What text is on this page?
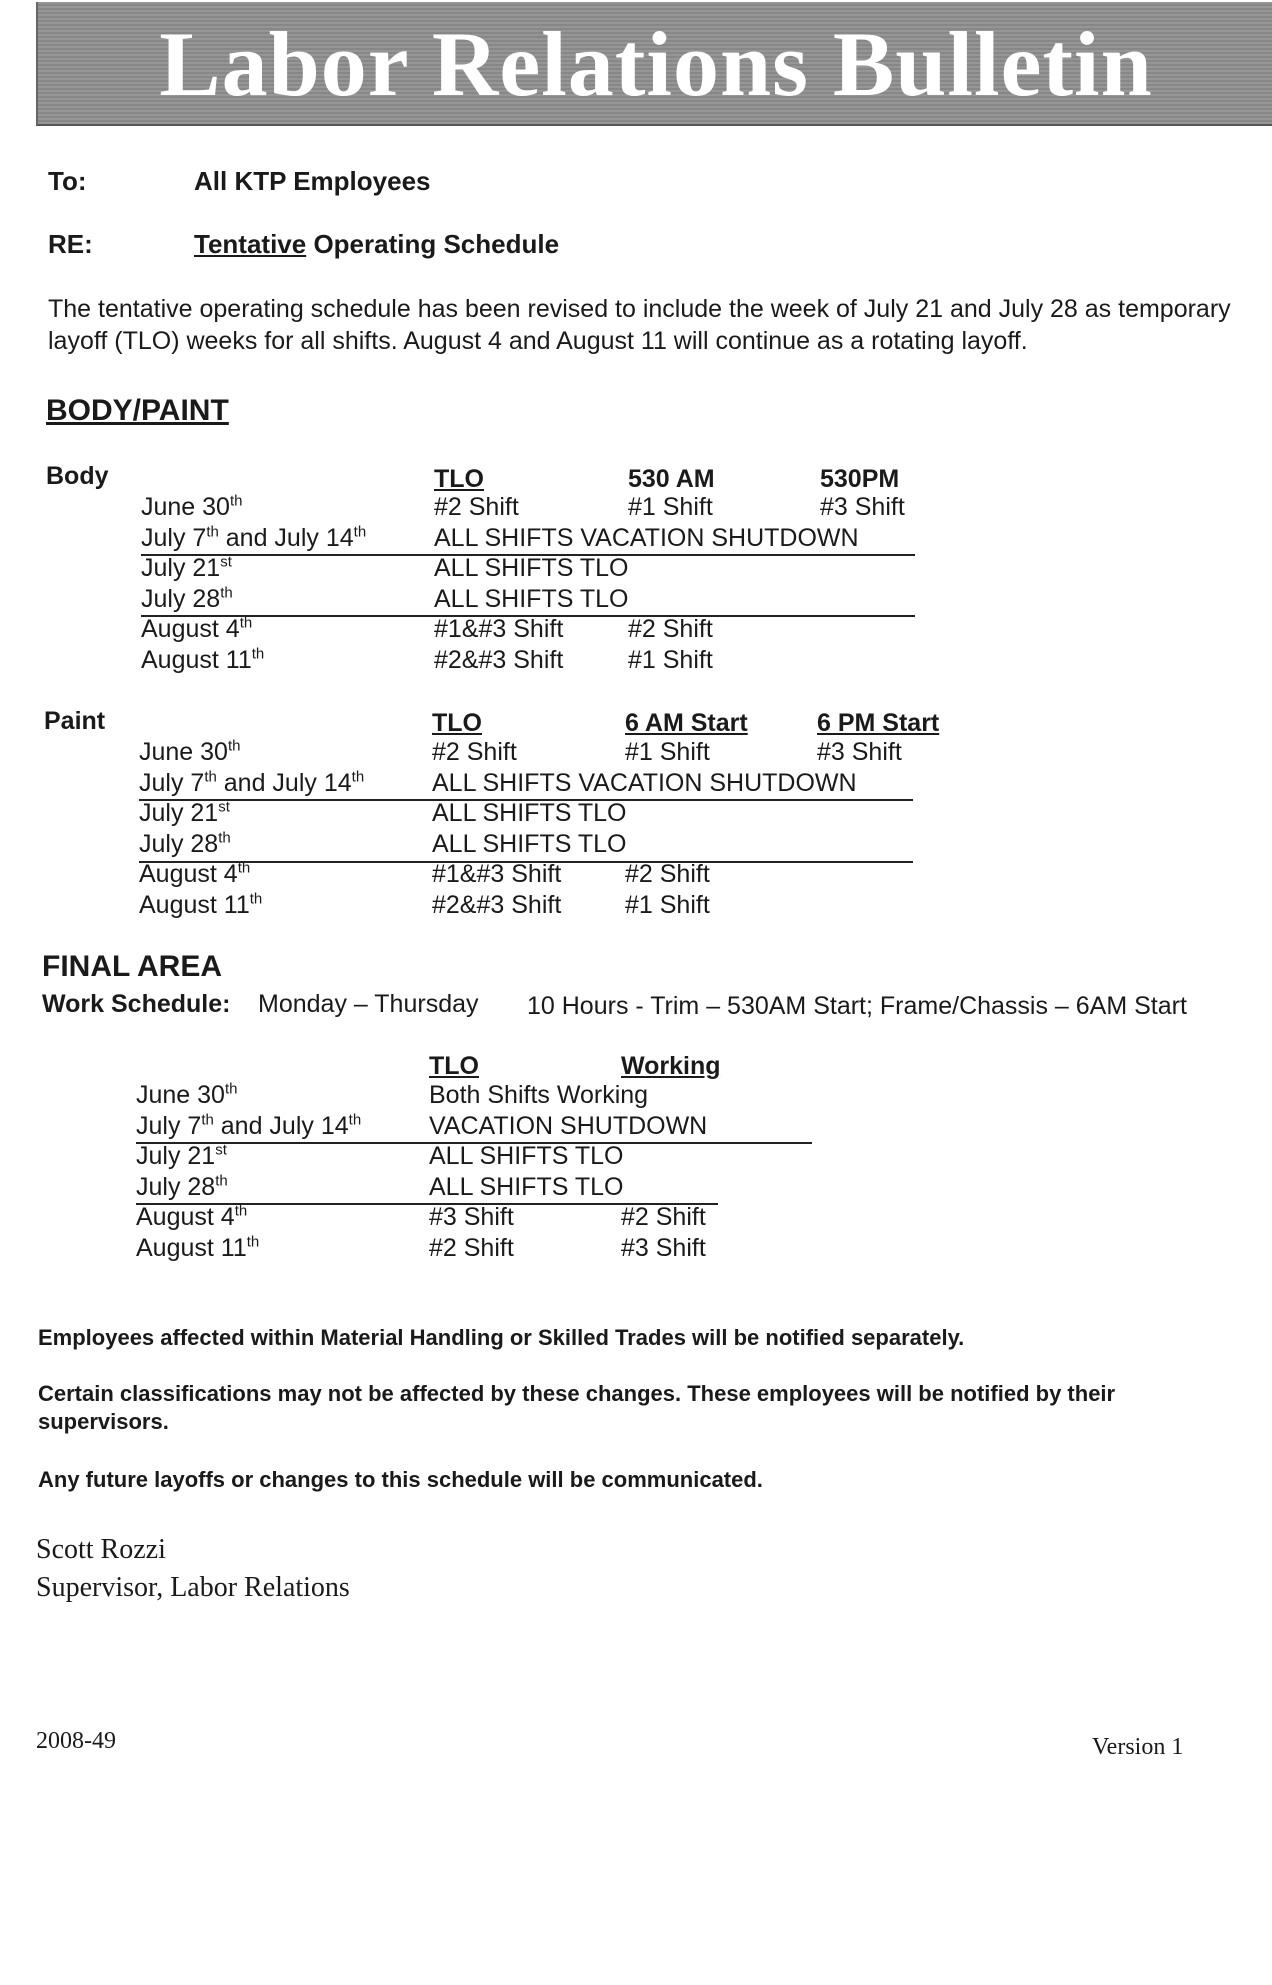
Labor Relations Bulletin
To:	All KTP Employees
RE:	Tentative Operating Schedule
The tentative operating schedule has been revised to include the week of July 21 and July 28 as temporary layoff (TLO) weeks for all shifts. August 4 and August 11 will continue as a rotating layoff.
BODY/PAINT
Body	TLO	530 AM	530PM
June 30th	#2 Shift	#1 Shift	#3 Shift
July 7th and July 14th	ALL SHIFTS VACATION SHUTDOWN
July 21st	ALL SHIFTS TLO
July 28th	ALL SHIFTS TLO
August 4th	#1&#3 Shift	#2 Shift
August 11th	#2&#3 Shift	#1 Shift
Paint	TLO	6 AM Start	6 PM Start
June 30th	#2 Shift	#1 Shift	#3 Shift
July 7th and July 14th	ALL SHIFTS VACATION SHUTDOWN
July 21st	ALL SHIFTS TLO
July 28th	ALL SHIFTS TLO
August 4th	#1&#3 Shift	#2 Shift
August 11th	#2&#3 Shift	#1 Shift
FINAL AREA
Work Schedule: Monday – Thursday 10 Hours - Trim – 530AM Start; Frame/Chassis – 6AM Start
TLO	Working
June 30th	Both Shifts Working
July 7th and July 14th	VACATION SHUTDOWN
July 21st	ALL SHIFTS TLO
July 28th	ALL SHIFTS TLO
August 4th	#3 Shift	#2 Shift
August 11th	#2 Shift	#3 Shift
Employees affected within Material Handling or Skilled Trades will be notified separately.
Certain classifications may not be affected by these changes. These employees will be notified by their supervisors.
Any future layoffs or changes to this schedule will be communicated.
Scott Rozzi
Supervisor, Labor Relations
2008-49	Version 1
